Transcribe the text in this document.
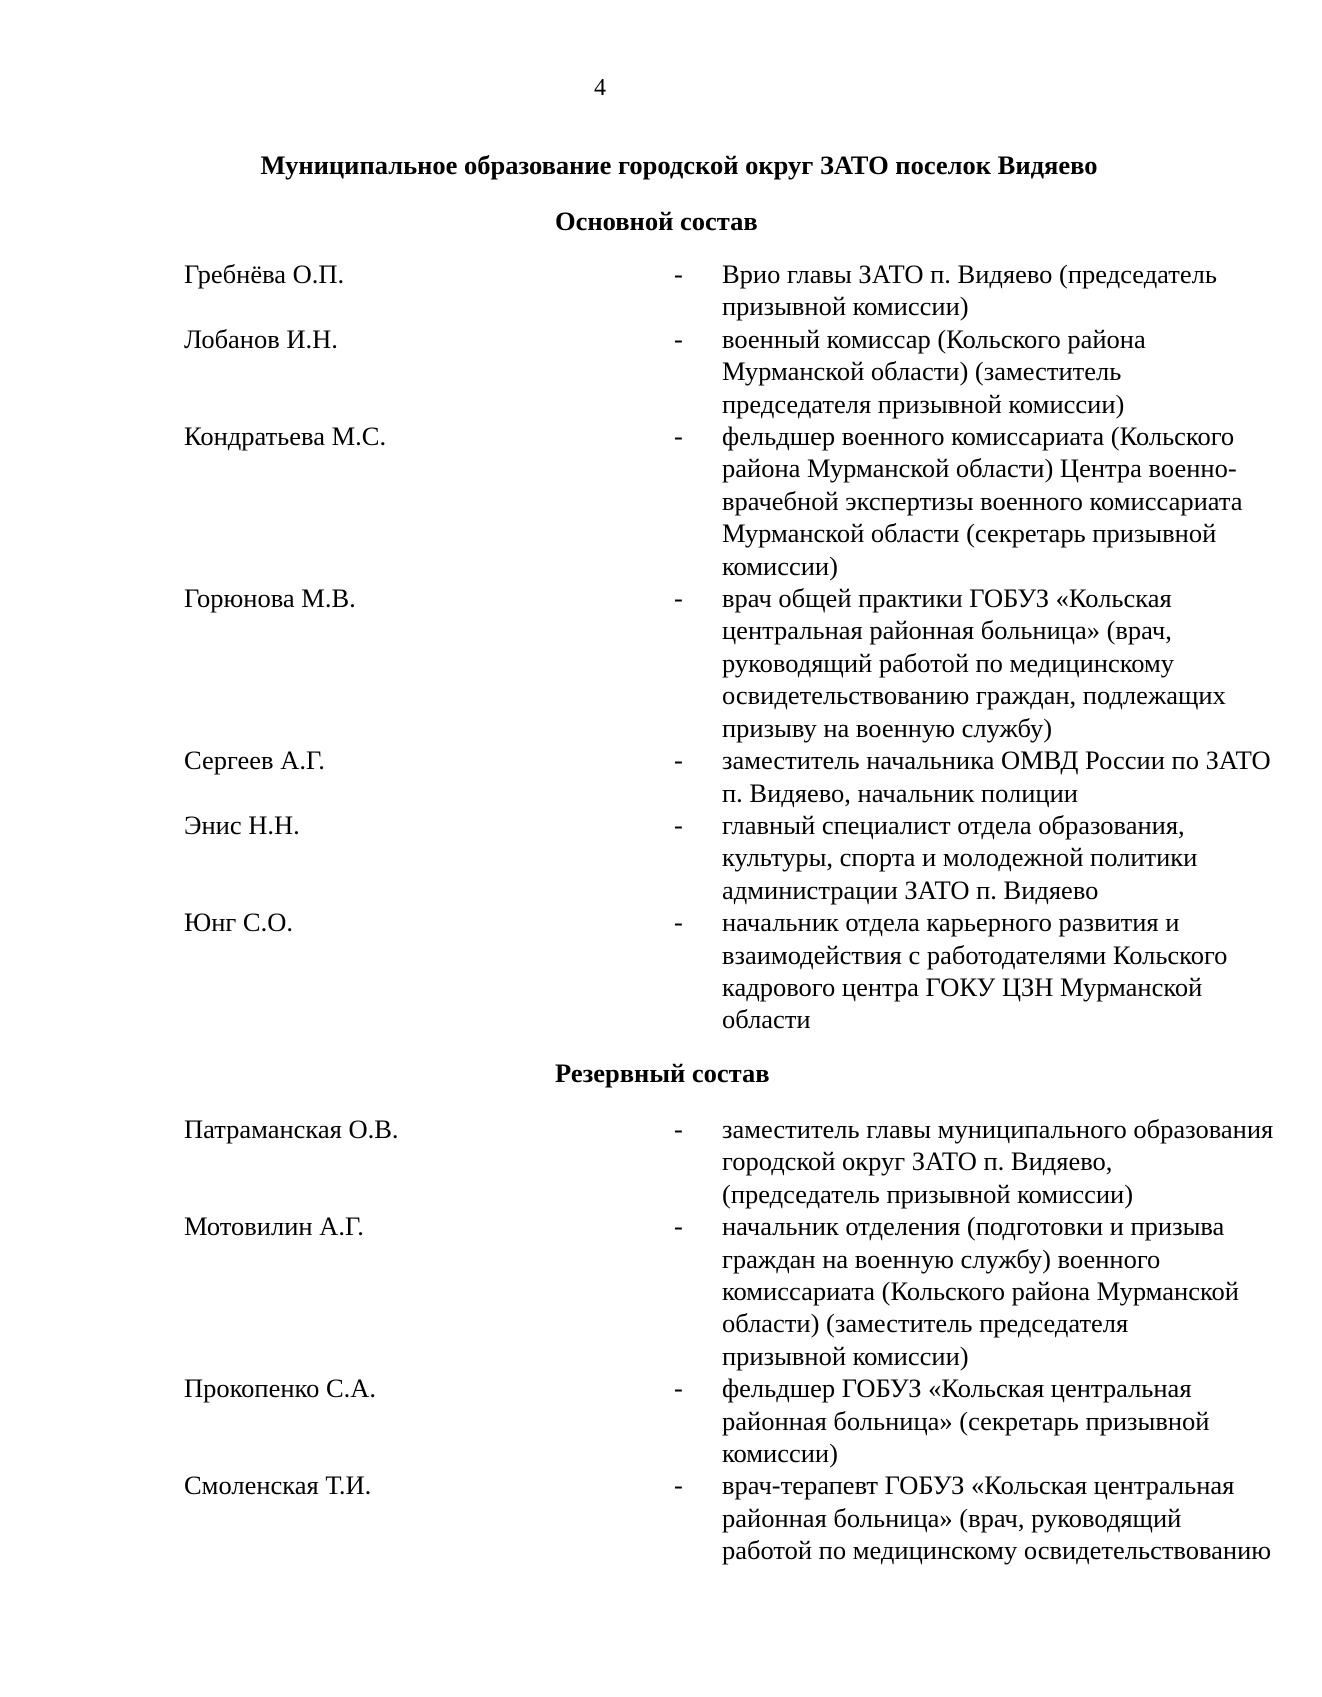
4
Муниципальное образование городской округ ЗАТО поселок Видяево
Основной состав
Гребнёва О.П.	-	Врио главы ЗАТО п. Видяево (председатель
призывной комиссии)
Лобанов И.Н.	-	военный комиссар (Кольского района
Мурманской области) (заместитель
председателя призывной комиссии)
Кондратьева М.С.	-	фельдшер военного комиссариата (Кольского
района Мурманской области) Центра военно-
врачебной экспертизы военного комиссариата
Мурманской области (секретарь призывной
комиссии)
Горюнова М.В.	-	врач общей практики ГОБУЗ «Кольская
центральная районная больница» (врач,
руководящий работой по медицинскому
освидетельствованию граждан, подлежащих
призыву на военную службу)
Сергеев А.Г.	-	заместитель начальника ОМВД России по ЗАТО
п. Видяево, начальник полиции
Энис Н.Н.	-	главный специалист отдела образования,
культуры, спорта и молодежной политики
администрации ЗАТО п. Видяево
Юнг С.О.	-	начальник отдела карьерного развития и
взаимодействия с работодателями Кольского
кадрового центра ГОКУ ЦЗН Мурманской
области
Резервный состав
Патраманская О.В.	-	заместитель главы муниципального образования
городской округ ЗАТО п. Видяево,
(председатель призывной комиссии)
Мотовилин А.Г.	-	начальник отделения (подготовки и призыва
граждан на военную службу) военного
комиссариата (Кольского района Мурманской
области) (заместитель председателя
призывной комиссии)
Прокопенко С.А.	-	фельдшер ГОБУЗ «Кольская центральная
районная больница» (секретарь призывной
комиссии)
Смоленская Т.И.	-	врач-терапевт ГОБУЗ «Кольская центральная
районная больница» (врач, руководящий
работой по медицинскому освидетельствованию
